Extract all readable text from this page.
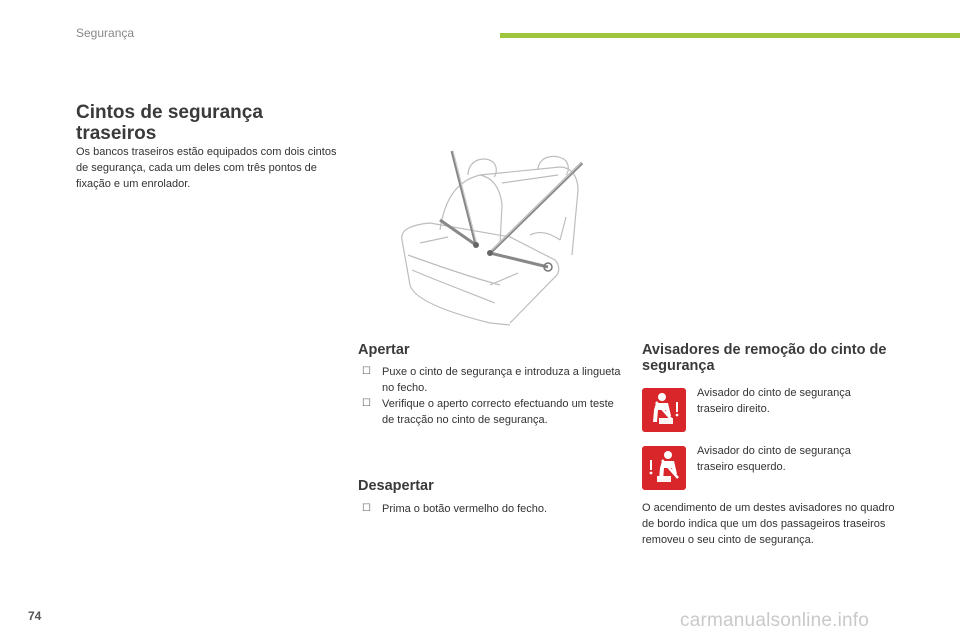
Segurança
Cintos de segurança traseiros
Os bancos traseiros estão equipados com dois cintos de segurança, cada um deles com três pontos de fixação e um enrolador.
Apertar
☐ Puxe o cinto de segurança e introduza a lingueta no fecho.
☐ Verifique o aperto correcto efectuando um teste de tracção no cinto de segurança.
Desapertar
☐ Prima o botão vermelho do fecho.
Avisadores de remoção do cinto de segurança
Avisador do cinto de segurança traseiro direito.
Avisador do cinto de segurança traseiro esquerdo.
O acendimento de um destes avisadores no quadro de bordo indica que um dos passageiros traseiros removeu o seu cinto de segurança.
74	carmanualsonline.info
